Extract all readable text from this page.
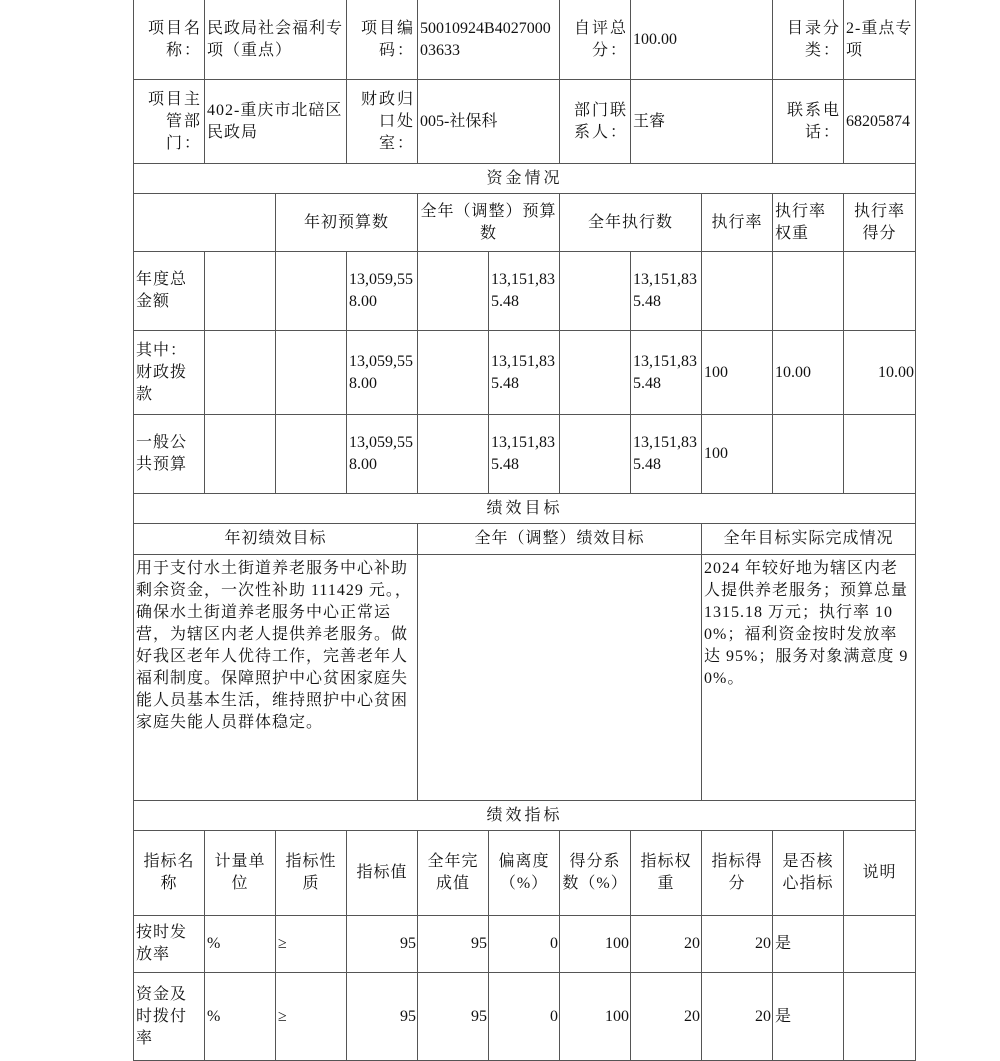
项目名称：	民政局社会福利专项（重点）		项目编码：	50010924B402700003633		自评总分：	100.00		目录分类：	2-重点专项
项目主管部门：	402-重庆市北碚区民政局		财政归口处室：	005-社保科		部门联系人：	王睿		联系电话：	68205874
资金情况										
		年初预算数		全年（调整）预算数		全年执行数		执行率	执行率权重	执行率得分
年度总金额			13,059,558.00		13,151,835.48		13,151,835.48			
其中：财政拨款			13,059,558.00		13,151,835.48		13,151,835.48	100	10.00	10.00
一般公共预算			13,059,558.00		13,151,835.48		13,151,835.48	100		
绩效目标										
年初绩效目标				全年（调整）绩效目标				全年目标实际完成情况		
用于支付水土街道养老服务中心补助剩余资金，一次性补助 111429 元。，确保水土街道养老服务中心正常运营，为辖区内老人提供养老服务。做好我区老年人优待工作，完善老年人福利制度。保障照护中心贫困家庭失能人员基本生活，维持照护中心贫困家庭失能人员群体稳定。								2024 年较好地为辖区内老人提供养老服务；预算总量 1315.18 万元；执行率 100%；福利资金按时发放率达 95%；服务对象满意度 90%。		
绩效指标										
指标名称	计量单位	指标性质	指标值	全年完成值	偏离度（%）	得分系数（%）	指标权重	指标得分	是否核心指标	说明
按时发放率	%	≥	95	95	0	100	20	20	是	
资金及时拨付率	%	≥	95	95	0	100	20	20	是	
